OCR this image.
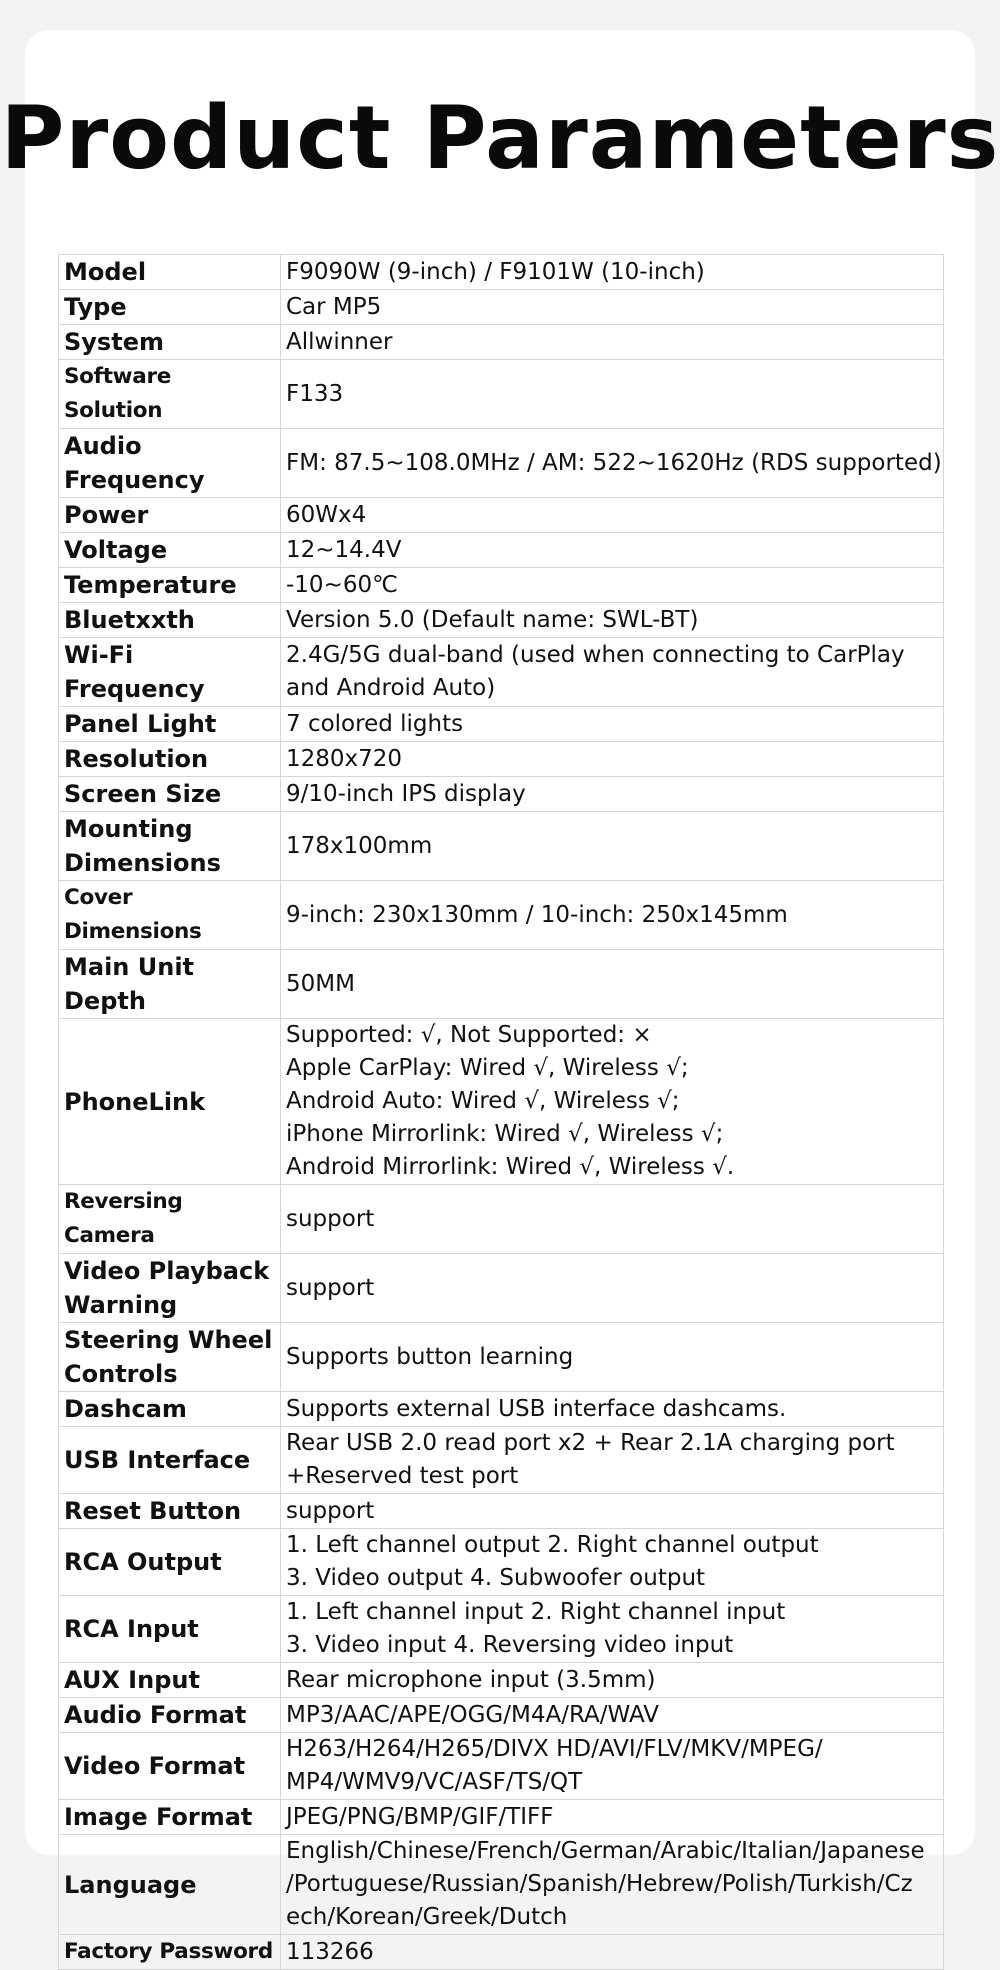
Product Parameters
Model	F9090W (9-inch) / F9101W (10-inch)

Type	Car MP5

System	Allwinner

Software Solution	F133

Audio Frequency	FM: 87.5~108.0MHz / AM: 522~1620Hz (RDS supported)

Power	60Wx4

Voltage	12~14.4V

Temperature	-10~60℃

Bluetxxth	Version 5.0 (Default name: SWL-BT)

Wi-Fi Frequency	2.4G/5G dual-band (used when connecting to CarPlay
and Android Auto)

Panel Light	7 colored lights

Resolution	1280x720

Screen Size	9/10-inch IPS display

Mounting Dimensions	178x100mm

Cover Dimensions	9-inch: 230x130mm / 10-inch: 250x145mm

Main Unit Depth	50MM

PhoneLink	Supported: √, Not Supported: ×
Apple CarPlay: Wired √, Wireless √;
Android Auto: Wired √, Wireless √;
iPhone Mirrorlink: Wired √, Wireless √;
Android Mirrorlink: Wired √, Wireless √.

Reversing Camera	support

Video Playback Warning	support

Steering Wheel Controls	Supports button learning

Dashcam	Supports external USB interface dashcams.

USB Interface	Rear USB 2.0 read port x2 + Rear 2.1A charging port
+Reserved test port

Reset Button	support

RCA Output	1. Left channel output 2. Right channel output
3. Video output 4. Subwoofer output

RCA Input	1. Left channel input 2. Right channel input
3. Video input 4. Reversing video input

AUX Input	Rear microphone input (3.5mm)

Audio Format	MP3/AAC/APE/OGG/M4A/RA/WAV

Video Format	H263/H264/H265/DIVX HD/AVI/FLV/MKV/MPEG/
MP4/WMV9/VC/ASF/TS/QT

Image Format	JPEG/PNG/BMP/GIF/TIFF

Language	English/Chinese/French/German/Arabic/Italian/Japanese
/Portuguese/Russian/Spanish/Hebrew/Polish/Turkish/Cz
ech/Korean/Greek/Dutch

Factory Password	113266
